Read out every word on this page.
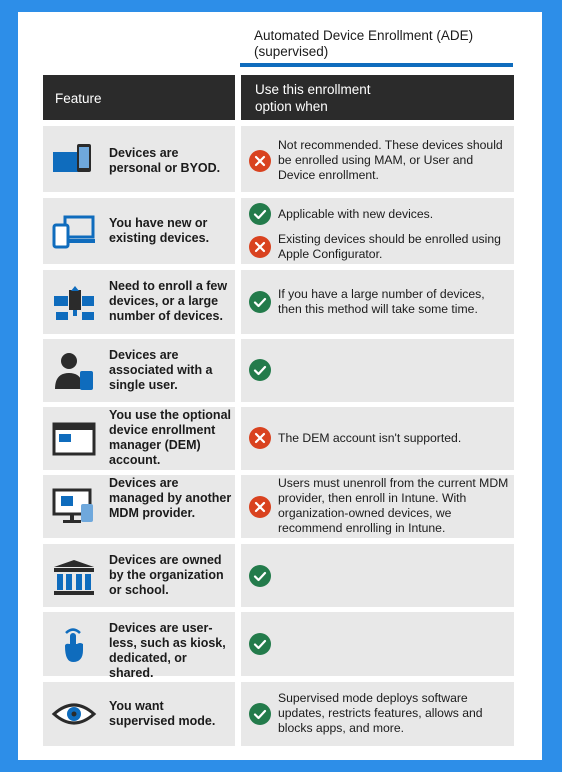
Automated Device Enrollment (ADE) (supervised)
Feature
Use this enrollment option when
Devices are personal or BYOD.
Not recommended. These devices should be enrolled using MAM, or User and Device enrollment.
You have new or existing devices.
Applicable with new devices.
Existing devices should be enrolled using Apple Configurator.
Need to enroll a few devices, or a large number of devices.
If you have a large number of devices, then this method will take some time.
Devices are associated with a single user.
You use the optional device enrollment manager (DEM) account.
The DEM account isn't supported.
Devices are managed by another MDM provider.
Users must unenroll from the current MDM provider, then enroll in Intune. With organization-owned devices, we recommend enrolling in Intune.
Devices are owned by the organization or school.
Devices are user-less, such as kiosk, dedicated, or shared.
You want supervised mode.
Supervised mode deploys software updates, restricts features, allows and blocks apps, and more.
